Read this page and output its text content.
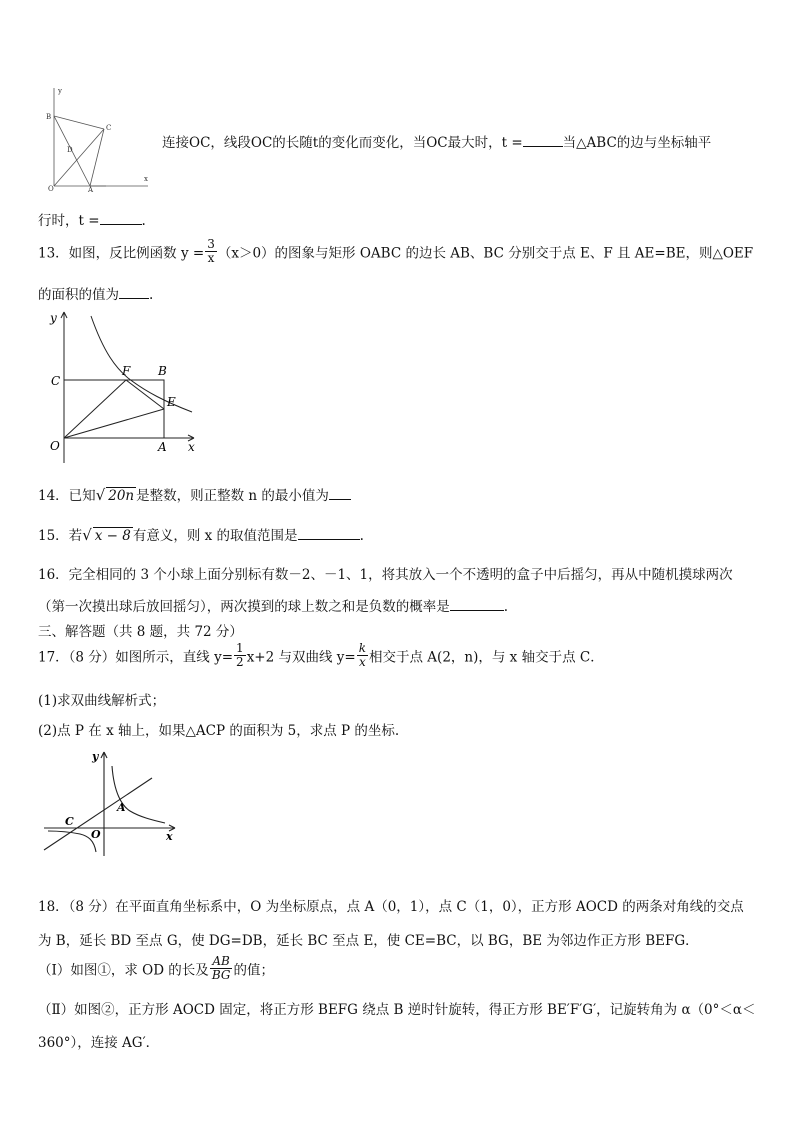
y
B
C
D
O	A
x
连接OC，线段OC的长随t的变化而变化，当OC最大时，t =	当△ABC的边与坐标轴平
行时，t =	.
13．如图，反比例函数 $y = \frac{3}{x} (x>0)$的图象与矩形 OABC 的边长 AB、BC 分别交于点 E、F 且 AE=BE，则△OEF
的面积的值为 .
y
C
F B
E
O	A x
14．已知√ 20n 是整数，则正整数 n 的最小值为
15．若√ x − 8 有意义，则 x 的取值范围是	.
16．完全相同的 3 个小球上面分别标有数－2、－1、1，将其放入一个不透明的盒子中后摇匀，再从中随机摸球两次
（第一次摸出球后放回摇匀），两次摸到的球上数之和是负数的概率是	.
三、解答题（共 8 题，共 72 分）
17．（8 分）如图所示，直线 $y= \frac{1}{2} x+2$ 与双曲线 $y= \frac{k}{x}$ 相交于点 A(2，n)，与 x 轴交于点 C．
(1)求双曲线解析式；
(2)点 P 在 x 轴上，如果△ACP 的面积为 5，求点 P 的坐标.
y
A
C
O	x
18．（8 分）在平面直角坐标系中，O 为坐标原点，点 A（0，1），点 C（1，0），正方形 AOCD 的两条对角线的交点
为 B，延长 BD 至点 G，使 DG=DB，延长 BC 至点 E，使 CE=BC，以 BG，BE 为邻边作正方形 BEFG．
（Ⅰ）如图①，求 OD 的长及 $\frac{AB}{BG}$ 的值；
（Ⅱ）如图②，正方形 AOCD 固定，将正方形 BEFG 绕点 B 逆时针旋转，得正方形 BE′F′G′，记旋转角为 α（0°＜α＜
360°），连接 AG′．
